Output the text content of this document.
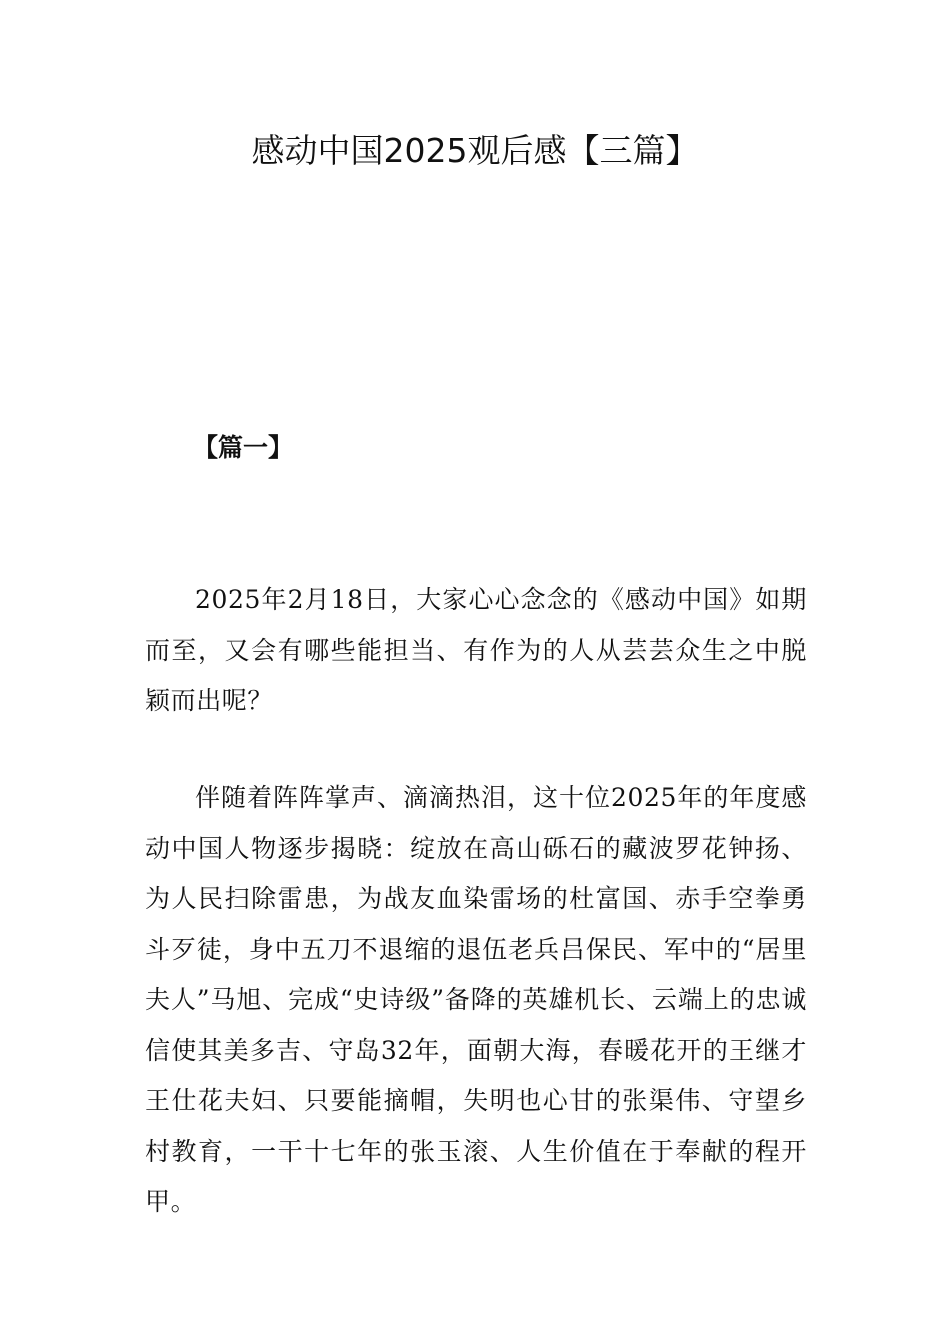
感动中国2025观后感【三篇】
【篇一】

2025年2月18日，大家心心念念的《感动中国》如期而至，又会有哪些能担当、有作为的人从芸芸众生之中脱颖而出呢？

伴随着阵阵掌声、滴滴热泪，这十位2025年的年度感动中国人物逐步揭晓：绽放在高山砾石的藏波罗花钟扬、为人民扫除雷患，为战友血染雷场的杜富国、赤手空拳勇斗歹徒，身中五刀不退缩的退伍老兵吕保民、军中的“居里夫人”马旭、完成“史诗级”备降的英雄机长、云端上的忠诚信使其美多吉、守岛32年，面朝大海，春暖花开的王继才王仕花夫妇、只要能摘帽，失明也心甘的张渠伟、守望乡村教育，一干十七年的张玉滚、人生价值在于奉献的程开甲。
